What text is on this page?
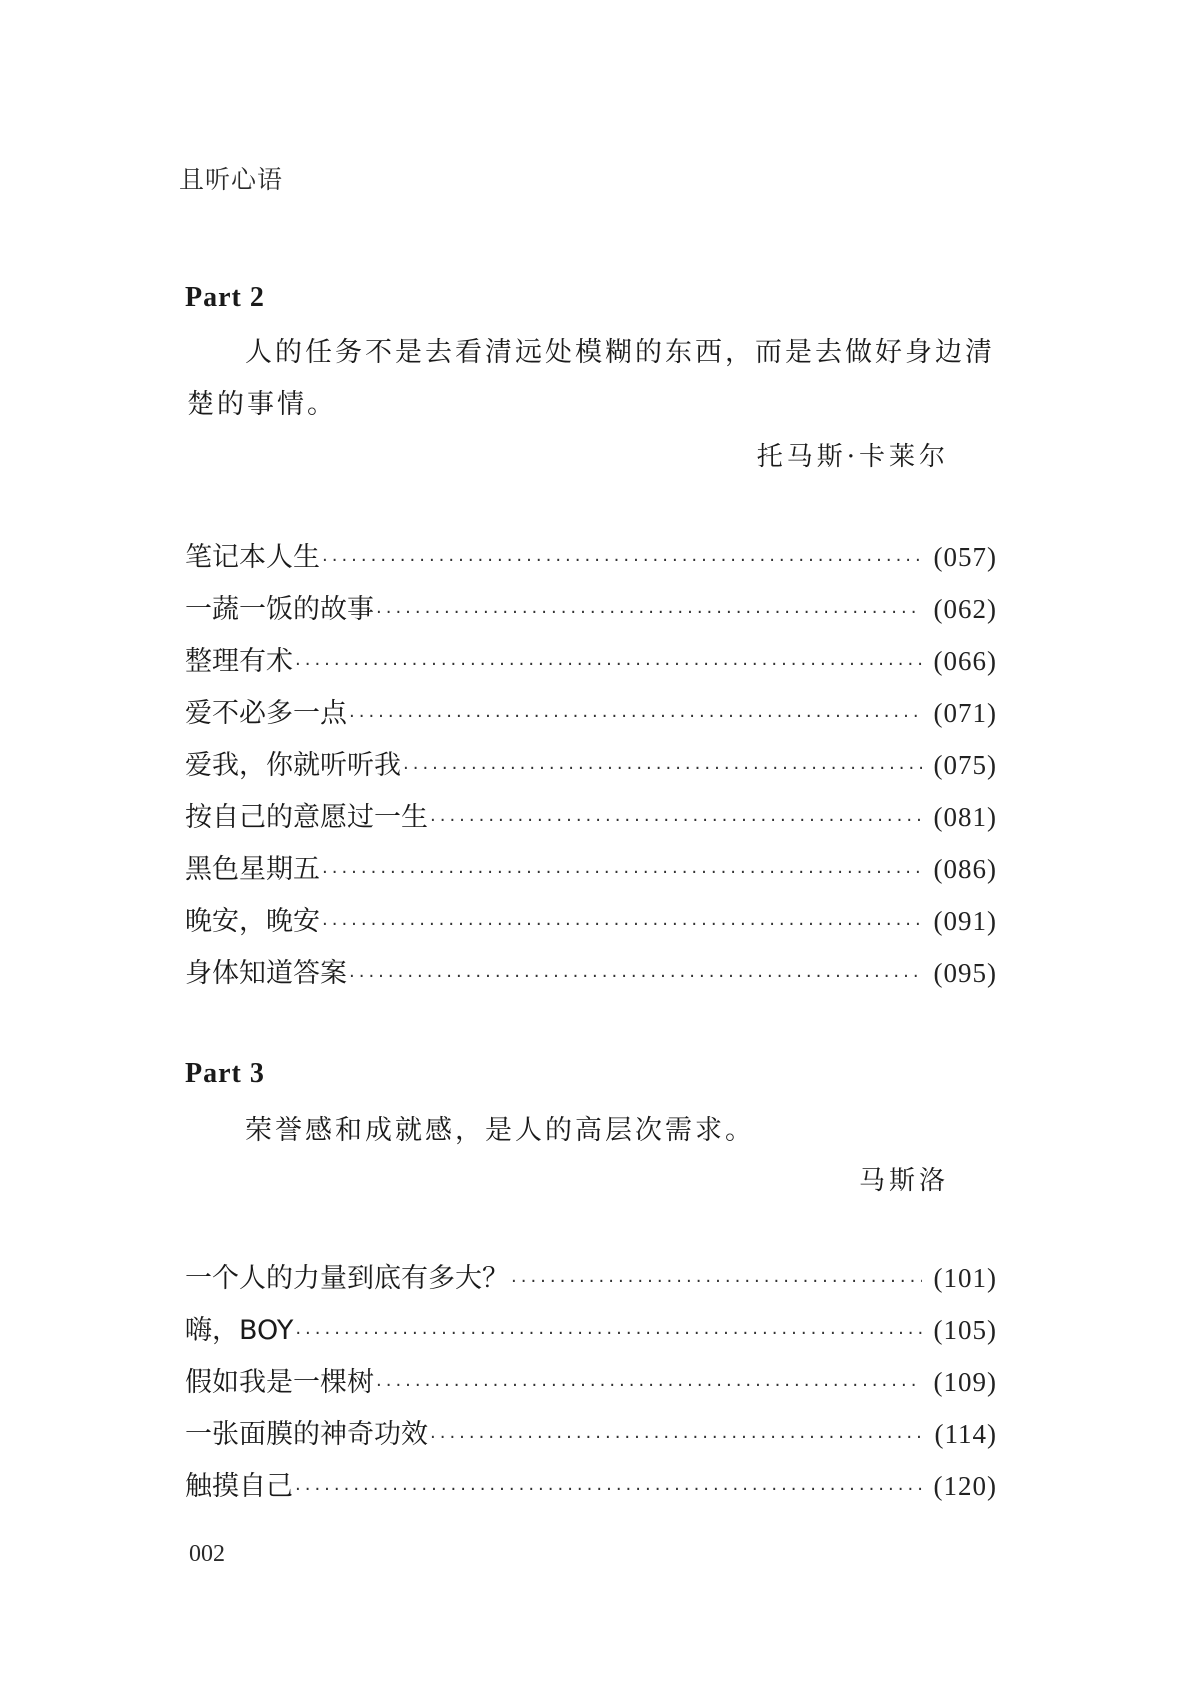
且听心语
Part 2
人的任务不是去看清远处模糊的东西，而是去做好身边清楚的事情。
托马斯·卡莱尔
笔记本人生 ·····	(057)
一蔬一饭的故事 ·····	(062)
整理有术 ·····	(066)
爱不必多一点 ·····	(071)
爱我，你就听听我 ·····	(075)
按自己的意愿过一生 ·····	(081)
黑色星期五 ·····	(086)
晚安，晚安 ·····	(091)
身体知道答案 ·····	(095)
Part 3
荣誉感和成就感，是人的高层次需求。
马斯洛
一个人的力量到底有多大？ ·····	(101)
嗨，BOY ·····	(105)
假如我是一棵树 ·····	(109)
一张面膜的神奇功效 ·····	(114)
触摸自己 ·····	(120)
002
